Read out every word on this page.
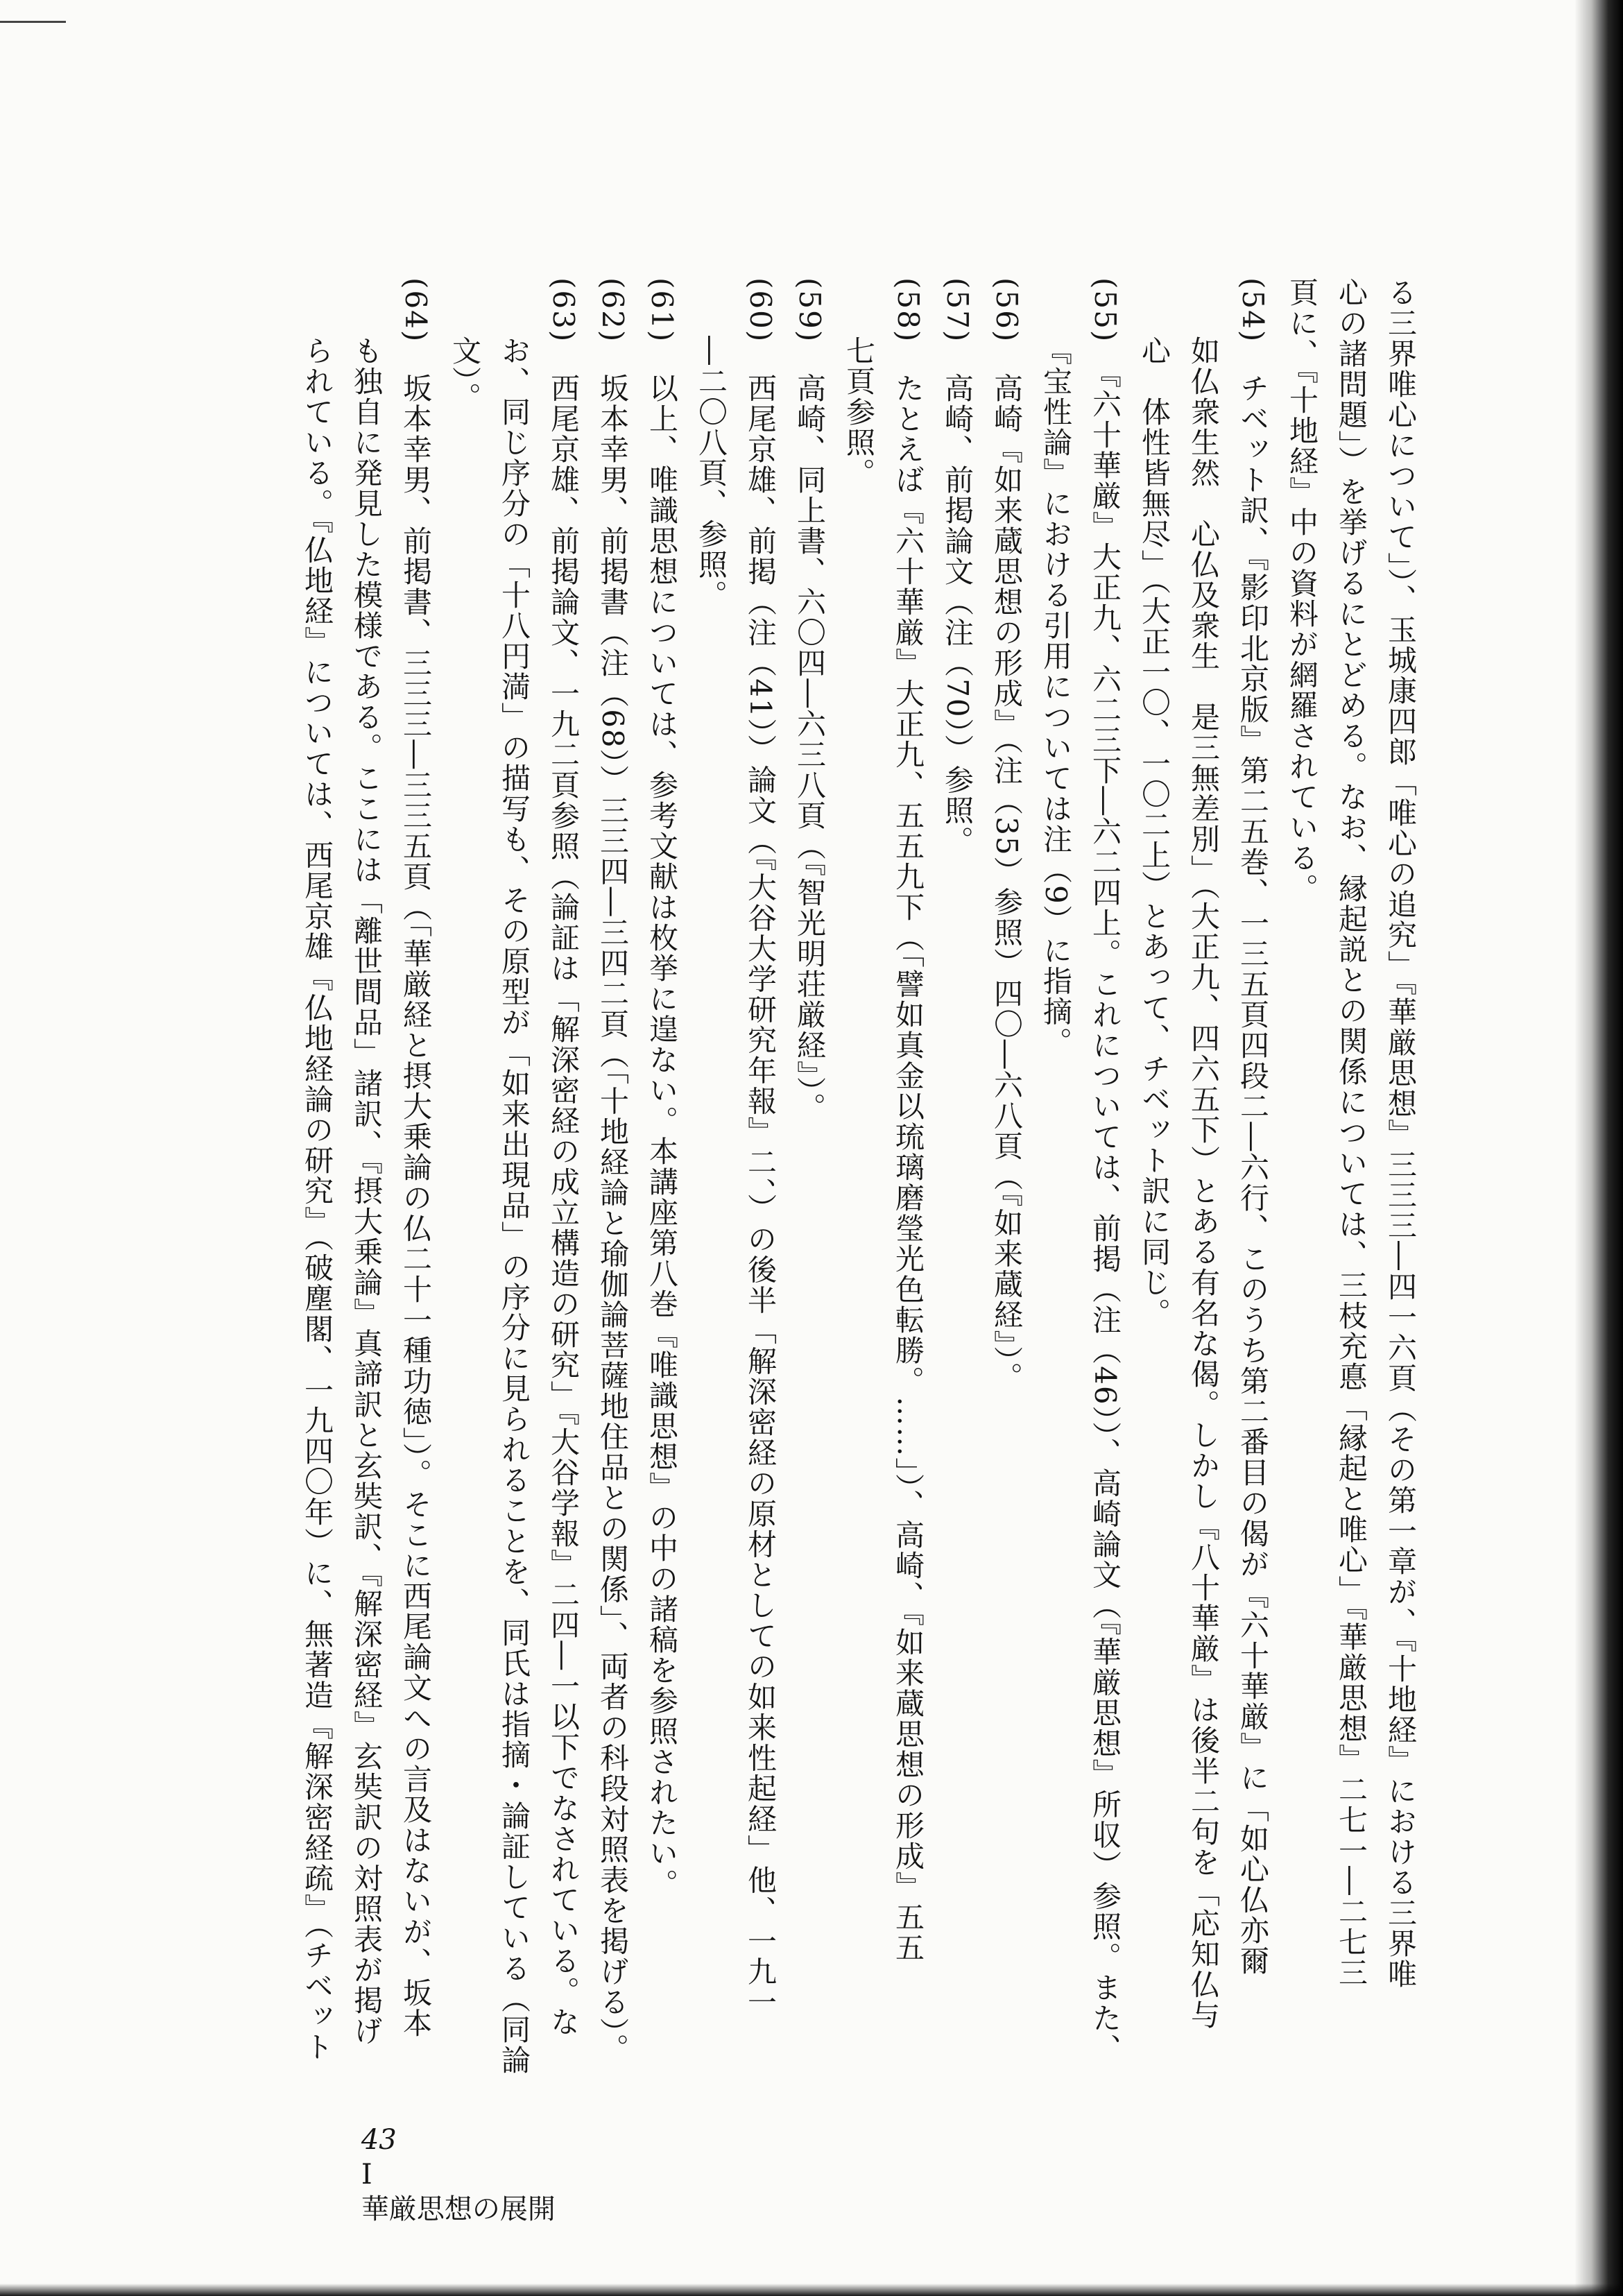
る三界唯心について」）、玉城康四郎「唯心の追究」『華厳思想』三三三―四一六頁（その第一章が、『十地経』における三界唯

心の諸問題」）を挙げるにとどめる。なお、縁起説との関係については、三枝充悳「縁起と唯心」『華厳思想』二七一―二七三

頁に、『十地経』中の資料が網羅されている。

(54)　チベット訳、『影印北京版』第二五巻、一三五頁四段二―六行、このうち第二番目の偈が『六十華厳』に「如心仏亦爾

如仏衆生然　心仏及衆生　是三無差別」（大正九、四六五下）とある有名な偈。しかし『八十華厳』は後半二句を「応知仏与

心　体性皆無尽」（大正一〇、一〇二上）とあって、チベット訳に同じ。

(55)　『六十華厳』大正九、六二三下―六二四上。これについては、前掲（注（46））、高崎論文（『華厳思想』所収）参照。また、

『宝性論』における引用については注（9）に指摘。

(56)　高崎『如来蔵思想の形成』（注（35）参照）四〇―六八頁（『如来蔵経』）。

(57)　高崎、前掲論文（注（70））参照。

(58)　たとえば『六十華厳』大正九、五五九下（「譬如真金以琉璃磨瑩光色転勝。……」）、高崎、『如来蔵思想の形成』五五

七頁参照。

(59)　高崎、同上書、六〇四―六三八頁（『智光明荘厳経』）。

(60)　西尾京雄、前掲（注（41））論文（『大谷大学研究年報』二、）の後半「解深密経の原材としての如来性起経」他、一九一

―二〇八頁、参照。

(61)　以上、唯識思想については、参考文献は枚挙に遑ない。本講座第八巻『唯識思想』の中の諸稿を参照されたい。

(62)　坂本幸男、前掲書（注（68））三三四―三四二頁（「十地経論と瑜伽論菩薩地住品との関係」、両者の科段対照表を掲げる）。

(63)　西尾京雄、前掲論文、一九二頁参照（論証は「解深密経の成立構造の研究」『大谷学報』二四―一以下でなされている。な

お、同じ序分の「十八円満」の描写も、その原型が「如来出現品」の序分に見られることを、同氏は指摘・論証している（同論

文）。

(64)　坂本幸男、前掲書、三三三―三三五頁（「華厳経と摂大乗論の仏二十一種功徳」）。そこに西尾論文への言及はないが、坂本

も独自に発見した模様である。ここには「離世間品」諸訳、『摂大乗論』真諦訳と玄奘訳、『解深密経』玄奘訳の対照表が掲げ

られている。『仏地経』については、西尾京雄『仏地経論の研究』（破塵閣、一九四〇年）に、無著造『解深密経疏』（チベット

43
I
華厳思想の展開
